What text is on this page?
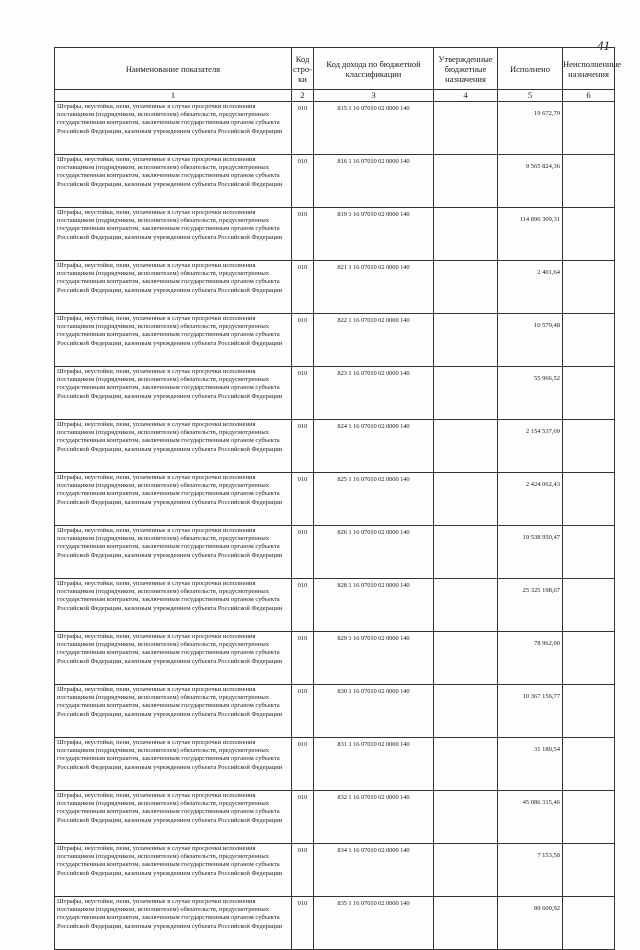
41
Наименование показателя	Код стро-ки	Код дохода по бюджетной классификации	Утвержденные бюджетные назначения	Исполнено	Неисполненные назначения
1	2	3	4	5	6
Штрафы, неустойки, пени, уплаченные в случае просрочки исполнения поставщиком (подрядчиком, исполнителем) обязательств, предусмотренных государственным контрактом, заключенным государственным органом субъекта Российской Федерации, казенным учреждением субъекта Российской Федерации	010	815 1 16 07010 02 0000 140		19 672,79	
Штрафы, неустойки, пени, уплаченные в случае просрочки исполнения поставщиком (подрядчиком, исполнителем) обязательств, предусмотренных государственным контрактом, заключенным государственным органом субъекта Российской Федерации, казенным учреждением субъекта Российской Федерации	010	816 1 16 07010 02 0000 140		9 565 824,36	
Штрафы, неустойки, пени, уплаченные в случае просрочки исполнения поставщиком (подрядчиком, исполнителем) обязательств, предусмотренных государственным контрактом, заключенным государственным органом субъекта Российской Федерации, казенным учреждением субъекта Российской Федерации	010	819 1 16 07010 02 0000 140		114 896 309,31	
Штрафы, неустойки, пени, уплаченные в случае просрочки исполнения поставщиком (подрядчиком, исполнителем) обязательств, предусмотренных государственным контрактом, заключенным государственным органом субъекта Российской Федерации, казенным учреждением субъекта Российской Федерации	010	821 1 16 07010 02 0000 140		2 401,64	
Штрафы, неустойки, пени, уплаченные в случае просрочки исполнения поставщиком (подрядчиком, исполнителем) обязательств, предусмотренных государственным контрактом, заключенным государственным органом субъекта Российской Федерации, казенным учреждением субъекта Российской Федерации	010	822 1 16 07010 02 0000 140		10 579,48	
Штрафы, неустойки, пени, уплаченные в случае просрочки исполнения поставщиком (подрядчиком, исполнителем) обязательств, предусмотренных государственным контрактом, заключенным государственным органом субъекта Российской Федерации, казенным учреждением субъекта Российской Федерации	010	823 1 16 07010 02 0000 140		55 966,52	
Штрафы, неустойки, пени, уплаченные в случае просрочки исполнения поставщиком (подрядчиком, исполнителем) обязательств, предусмотренных государственным контрактом, заключенным государственным органом субъекта Российской Федерации, казенным учреждением субъекта Российской Федерации	010	824 1 16 07010 02 0000 140		2 154 537,69	
Штрафы, неустойки, пени, уплаченные в случае просрочки исполнения поставщиком (подрядчиком, исполнителем) обязательств, предусмотренных государственным контрактом, заключенным государственным органом субъекта Российской Федерации, казенным учреждением субъекта Российской Федерации	010	825 1 16 07010 02 0000 140		2 424 062,43	
Штрафы, неустойки, пени, уплаченные в случае просрочки исполнения поставщиком (подрядчиком, исполнителем) обязательств, предусмотренных государственным контрактом, заключенным государственным органом субъекта Российской Федерации, казенным учреждением субъекта Российской Федерации	010	826 1 16 07010 02 0000 140		19 538 950,47	
Штрафы, неустойки, пени, уплаченные в случае просрочки исполнения поставщиком (подрядчиком, исполнителем) обязательств, предусмотренных государственным контрактом, заключенным государственным органом субъекта Российской Федерации, казенным учреждением субъекта Российской Федерации	010	828 1 16 07010 02 0000 140		25 325 198,67	
Штрафы, неустойки, пени, уплаченные в случае просрочки исполнения поставщиком (подрядчиком, исполнителем) обязательств, предусмотренных государственным контрактом, заключенным государственным органом субъекта Российской Федерации, казенным учреждением субъекта Российской Федерации	010	829 1 16 07010 02 0000 140		78 962,00	
Штрафы, неустойки, пени, уплаченные в случае просрочки исполнения поставщиком (подрядчиком, исполнителем) обязательств, предусмотренных государственным контрактом, заключенным государственным органом субъекта Российской Федерации, казенным учреждением субъекта Российской Федерации	010	830 1 16 07010 02 0000 140		10 367 156,77	
Штрафы, неустойки, пени, уплаченные в случае просрочки исполнения поставщиком (подрядчиком, исполнителем) обязательств, предусмотренных государственным контрактом, заключенным государственным органом субъекта Российской Федерации, казенным учреждением субъекта Российской Федерации	010	831 1 16 07010 02 0000 140		31 180,54	
Штрафы, неустойки, пени, уплаченные в случае просрочки исполнения поставщиком (подрядчиком, исполнителем) обязательств, предусмотренных государственным контрактом, заключенным государственным органом субъекта Российской Федерации, казенным учреждением субъекта Российской Федерации	010	832 1 16 07010 02 0000 140		45 086 315,46	
Штрафы, неустойки, пени, уплаченные в случае просрочки исполнения поставщиком (подрядчиком, исполнителем) обязательств, предусмотренных государственным контрактом, заключенным государственным органом субъекта Российской Федерации, казенным учреждением субъекта Российской Федерации	010	834 1 16 07010 02 0000 140		7 153,58	
Штрафы, неустойки, пени, уплаченные в случае просрочки исполнения поставщиком (подрядчиком, исполнителем) обязательств, предусмотренных государственным контрактом, заключенным государственным органом субъекта Российской Федерации, казенным учреждением субъекта Российской Федерации	010	835 1 16 07010 02 0000 140		89 600,92	
